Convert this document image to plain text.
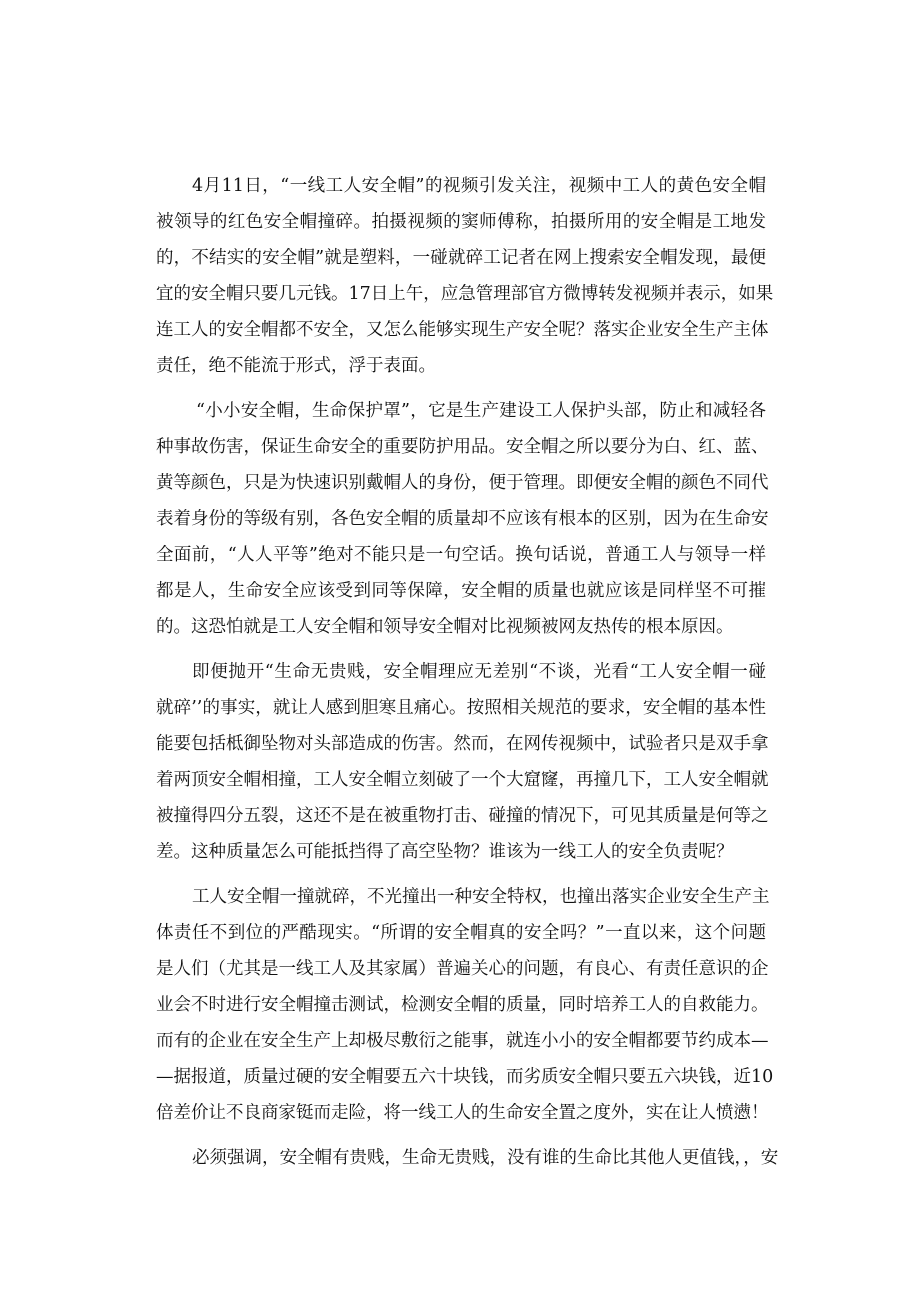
4月11日，“一线工人安全帽”的视频引发关注，视频中工人的黄色安全帽
被领导的红色安全帽撞碎。拍摄视频的窦师傅称，拍摄所用的安全帽是工地发
的，不结实的安全帽”就是塑料，一碰就碎工记者在网上搜索安全帽发现，最便
宜的安全帽只要几元钱。17日上午，应急管理部官方微博转发视频并表示，如果
连工人的安全帽都不安全，又怎么能够实现生产安全呢？落实企业安全生产主体
责任，绝不能流于形式，浮于表面。

“小小安全帽，生命保护罩”，它是生产建设工人保护头部，防止和减轻各
种事故伤害，保证生命安全的重要防护用品。安全帽之所以要分为白、红、蓝、
黄等颜色，只是为快速识别戴帽人的身份，便于管理。即便安全帽的颜色不同代
表着身份的等级有别，各色安全帽的质量却不应该有根本的区别，因为在生命安
全面前，“人人平等”绝对不能只是一句空话。换句话说，普通工人与领导一样
都是人，生命安全应该受到同等保障，安全帽的质量也就应该是同样坚不可摧
的。这恐怕就是工人安全帽和领导安全帽对比视频被网友热传的根本原因。

即便抛开“生命无贵贱，安全帽理应无差别“不谈，光看“工人安全帽一碰
就碎’’的事实，就让人感到胆寒且痛心。按照相关规范的要求，安全帽的基本性
能要包括柢御坠物对头部造成的伤害。然而，在网传视频中，试验者只是双手拿
着两顶安全帽相撞，工人安全帽立刻破了一个大窟窿，再撞几下，工人安全帽就
被撞得四分五裂，这还不是在被重物打击、碰撞的情况下，可见其质量是何等之
差。这种质量怎么可能抵挡得了高空坠物？谁该为一线工人的安全负责呢？

工人安全帽一撞就碎，不光撞出一种安全特权，也撞出落实企业安全生产主
体责任不到位的严酷现实。“所谓的安全帽真的安全吗？”一直以来，这个问题
是人们（尤其是一线工人及其家属）普遍关心的问题，有良心、有责任意识的企
业会不时进行安全帽撞击测试，检测安全帽的质量，同时培养工人的自救能力。
而有的企业在安全生产上却极尽敷衍之能事，就连小小的安全帽都要节约成本—
—据报道，质量过硬的安全帽要五六十块钱，而劣质安全帽只要五六块钱，近10
倍差价让不良商家铤而走险，将一线工人的生命安全置之度外，实在让人愤懑！

必须强调，安全帽有贵贱，生命无贵贱，没有谁的生命比其他人更值钱，，安
